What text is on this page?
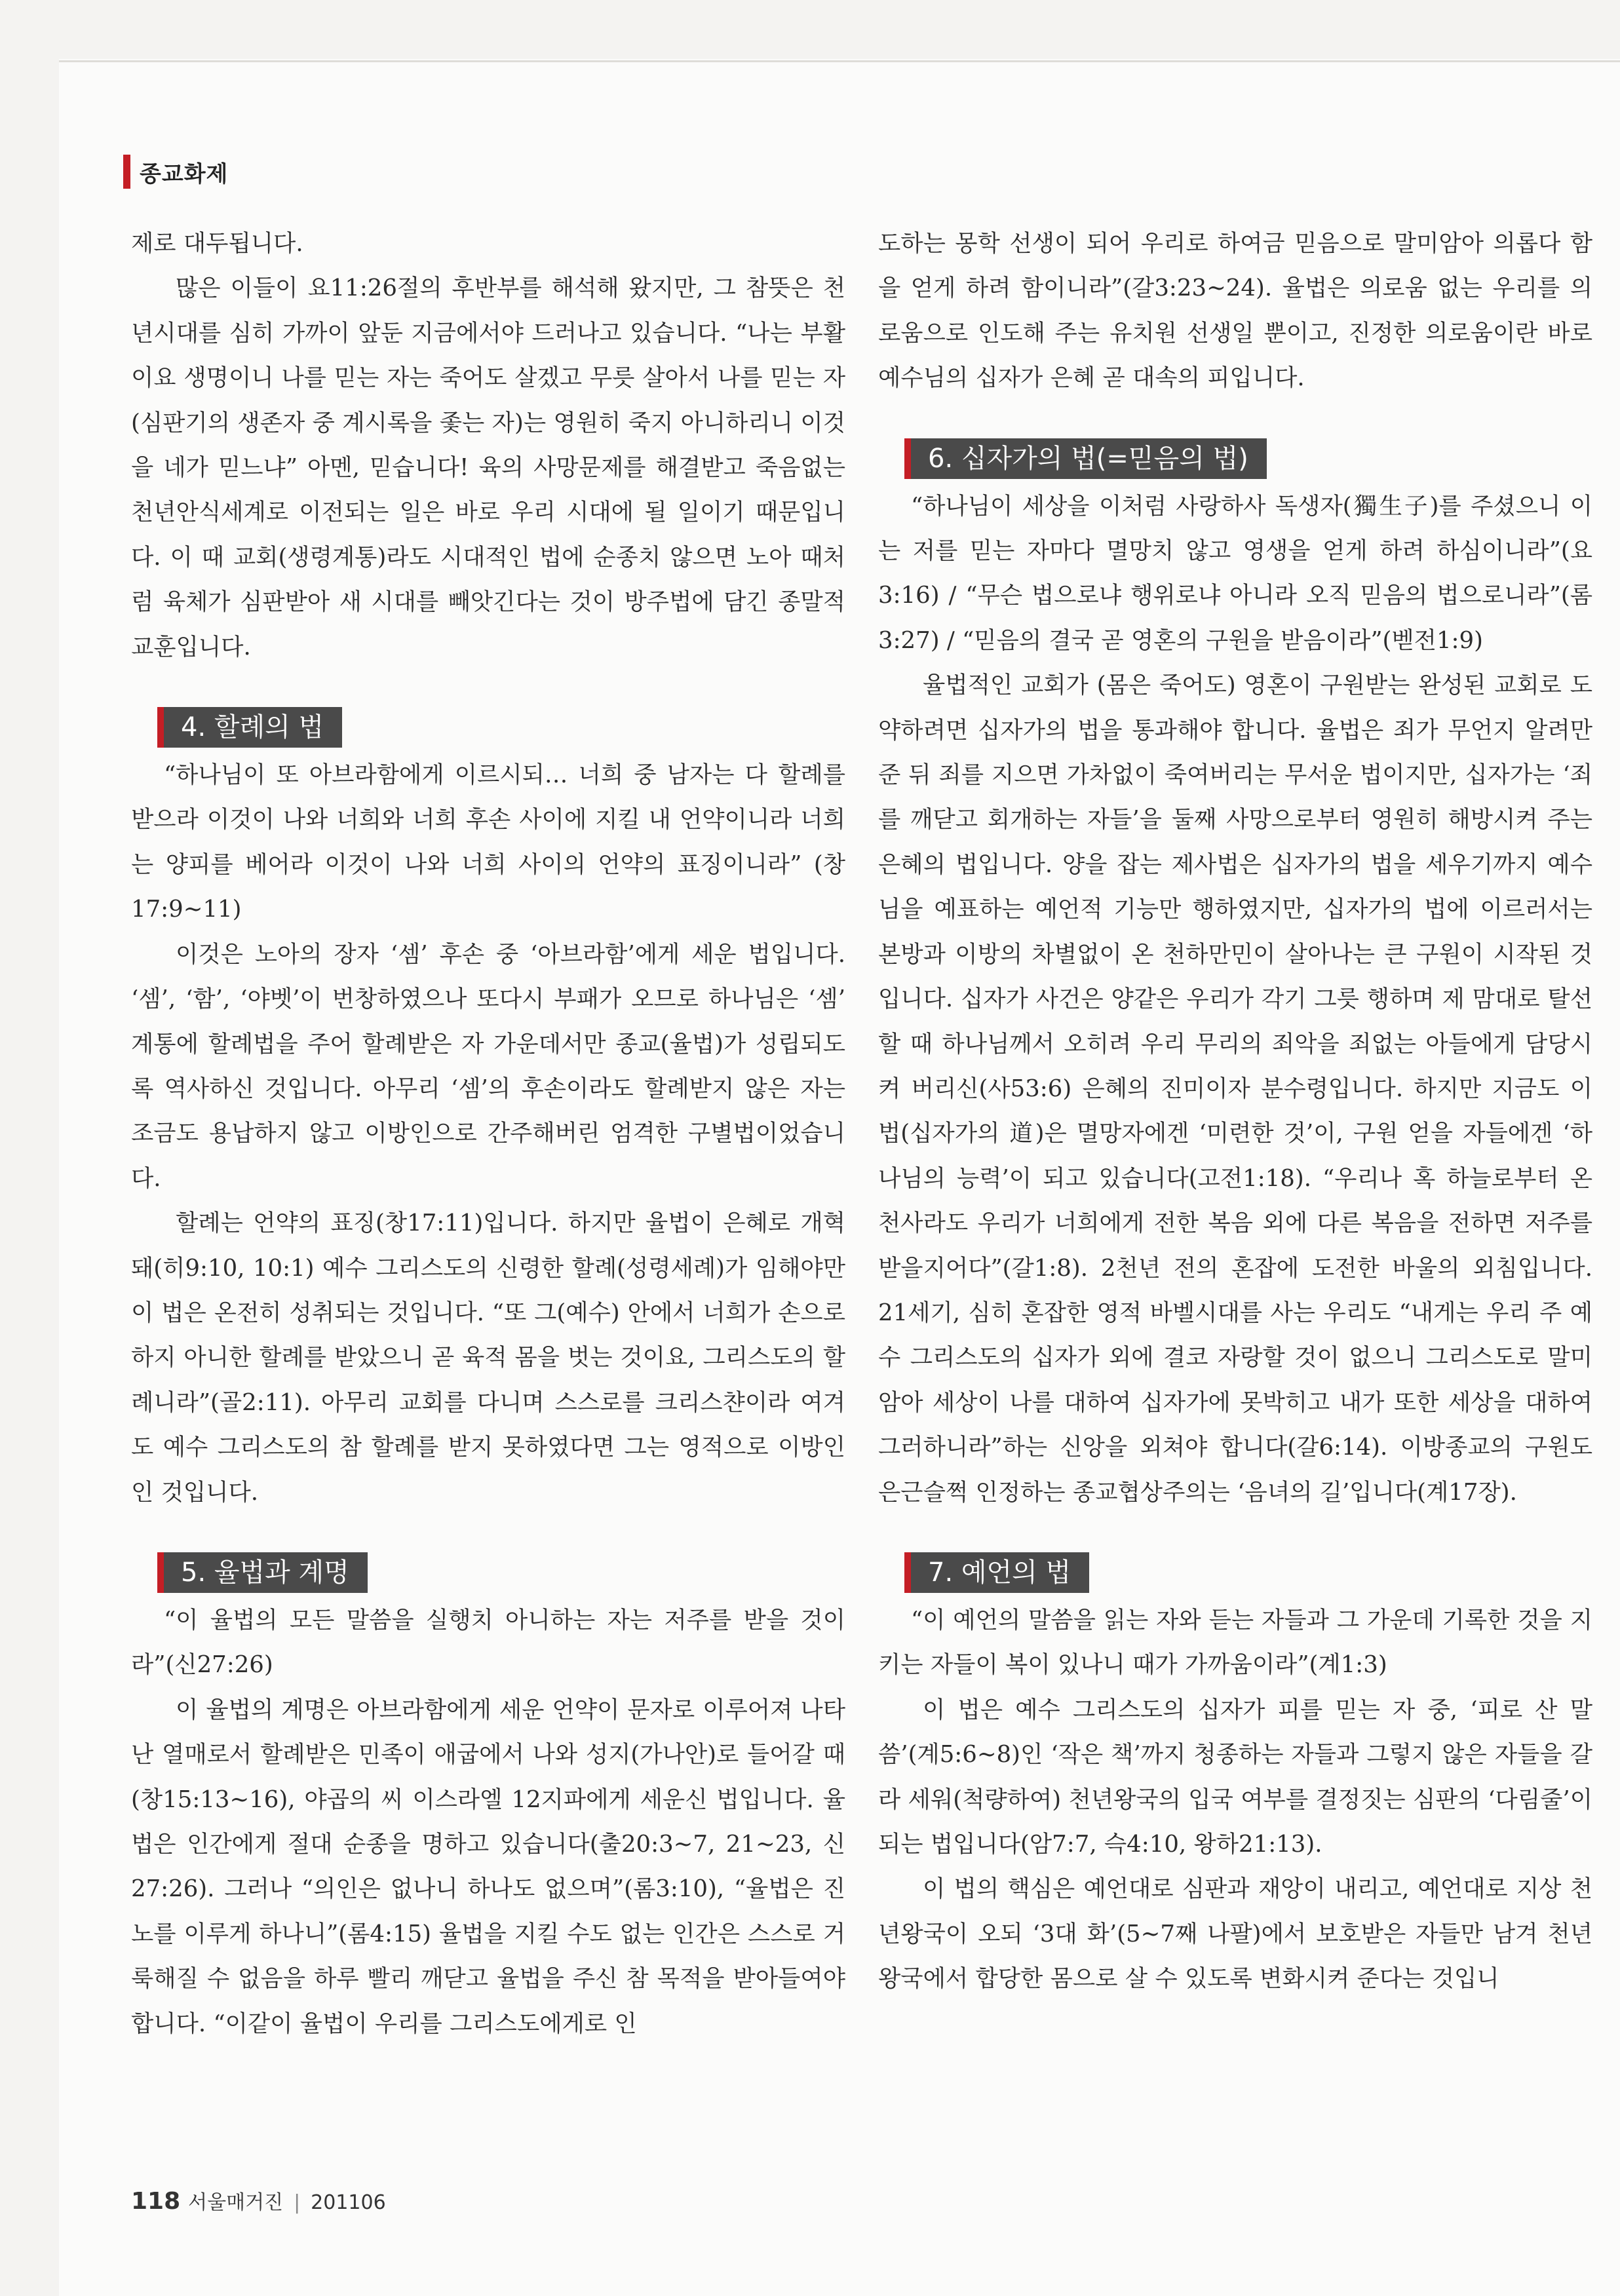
종교화제

제로 대두됩니다.

많은 이들이 요11:26절의 후반부를 해석해 왔지만, 그 참뜻은 천년시대를 심히 가까이 앞둔 지금에서야 드러나고 있습니다. “나는 부활이요 생명이니 나를 믿는 자는 죽어도 살겠고 무릇 살아서 나를 믿는 자(심판기의 생존자 중 계시록을 좇는 자)는 영원히 죽지 아니하리니 이것을 네가 믿느냐” 아멘, 믿습니다! 육의 사망문제를 해결받고 죽음없는 천년안식세계로 이전되는 일은 바로 우리 시대에 될 일이기 때문입니다. 이 때 교회(생령계통)라도 시대적인 법에 순종치 않으면 노아 때처럼 육체가 심판받아 새 시대를 빼앗긴다는 것이 방주법에 담긴 종말적 교훈입니다.

4. 할례의 법

“하나님이 또 아브라함에게 이르시되… 너희 중 남자는 다 할례를 받으라 이것이 나와 너희와 너희 후손 사이에 지킬 내 언약이니라 너희는 양피를 베어라 이것이 나와 너희 사이의 언약의 표징이니라” (창17:9~11)

이것은 노아의 장자 ‘셈’ 후손 중 ‘아브라함’에게 세운 법입니다. ‘셈’, ‘함’, ‘야벳’이 번창하였으나 또다시 부패가 오므로 하나님은 ‘셈’ 계통에 할례법을 주어 할례받은 자 가운데서만 종교(율법)가 성립되도록 역사하신 것입니다. 아무리 ‘셈’의 후손이라도 할례받지 않은 자는 조금도 용납하지 않고 이방인으로 간주해버린 엄격한 구별법이었습니다.

할례는 언약의 표징(창17:11)입니다. 하지만 율법이 은혜로 개혁돼(히9:10, 10:1) 예수 그리스도의 신령한 할례(성령세례)가 임해야만 이 법은 온전히 성취되는 것입니다. “또 그(예수) 안에서 너희가 손으로 하지 아니한 할례를 받았으니 곧 육적 몸을 벗는 것이요, 그리스도의 할례니라”(골2:11). 아무리 교회를 다니며 스스로를 크리스챤이라 여겨도 예수 그리스도의 참 할례를 받지 못하였다면 그는 영적으로 이방인인 것입니다.

5. 율법과 계명

“이 율법의 모든 말씀을 실행치 아니하는 자는 저주를 받을 것이라”(신27:26)

이 율법의 계명은 아브라함에게 세운 언약이 문자로 이루어져 나타난 열매로서 할례받은 민족이 애굽에서 나와 성지(가나안)로 들어갈 때(창15:13~16), 야곱의 씨 이스라엘 12지파에게 세운신 법입니다. 율법은 인간에게 절대 순종을 명하고 있습니다(출20:3~7, 21~23, 신27:26). 그러나 “의인은 없나니 하나도 없으며”(롬3:10), “율법은 진노를 이루게 하나니”(롬4:15) 율법을 지킬 수도 없는 인간은 스스로 거룩해질 수 없음을 하루 빨리 깨닫고 율법을 주신 참 목적을 받아들여야 합니다. “이같이 율법이 우리를 그리스도에게로 인

도하는 몽학 선생이 되어 우리로 하여금 믿음으로 말미암아 의롭다 함을 얻게 하려 함이니라”(갈3:23~24). 율법은 의로움 없는 우리를 의로움으로 인도해 주는 유치원 선생일 뿐이고, 진정한 의로움이란 바로 예수님의 십자가 은혜 곧 대속의 피입니다.

6. 십자가의 법(=믿음의 법)

“하나님이 세상을 이처럼 사랑하사 독생자(獨生子)를 주셨으니 이는 저를 믿는 자마다 멸망치 않고 영생을 얻게 하려 하심이니라”(요3:16) / “무슨 법으로냐 행위로냐 아니라 오직 믿음의 법으로니라”(롬3:27) / “믿음의 결국 곧 영혼의 구원을 받음이라”(벧전1:9)

율법적인 교회가 (몸은 죽어도) 영혼이 구원받는 완성된 교회로 도약하려면 십자가의 법을 통과해야 합니다. 율법은 죄가 무언지 알려만 준 뒤 죄를 지으면 가차없이 죽여버리는 무서운 법이지만, 십자가는 ‘죄를 깨닫고 회개하는 자들’을 둘째 사망으로부터 영원히 해방시켜 주는 은혜의 법입니다. 양을 잡는 제사법은 십자가의 법을 세우기까지 예수님을 예표하는 예언적 기능만 행하였지만, 십자가의 법에 이르러서는 본방과 이방의 차별없이 온 천하만민이 살아나는 큰 구원이 시작된 것입니다. 십자가 사건은 양같은 우리가 각기 그릇 행하며 제 맘대로 탈선할 때 하나님께서 오히려 우리 무리의 죄악을 죄없는 아들에게 담당시켜 버리신(사53:6) 은혜의 진미이자 분수령입니다. 하지만 지금도 이 법(십자가의 道)은 멸망자에겐 ‘미련한 것’이, 구원 얻을 자들에겐 ‘하나님의 능력’이 되고 있습니다(고전1:18). “우리나 혹 하늘로부터 온 천사라도 우리가 너희에게 전한 복음 외에 다른 복음을 전하면 저주를 받을지어다”(갈1:8). 2천년 전의 혼잡에 도전한 바울의 외침입니다. 21세기, 심히 혼잡한 영적 바벨시대를 사는 우리도 “내게는 우리 주 예수 그리스도의 십자가 외에 결코 자랑할 것이 없으니 그리스도로 말미암아 세상이 나를 대하여 십자가에 못박히고 내가 또한 세상을 대하여 그러하니라”하는 신앙을 외쳐야 합니다(갈6:14). 이방종교의 구원도 은근슬쩍 인정하는 종교협상주의는 ‘음녀의 길’입니다(계17장).

7. 예언의 법

“이 예언의 말씀을 읽는 자와 듣는 자들과 그 가운데 기록한 것을 지키는 자들이 복이 있나니 때가 가까움이라”(계1:3)

이 법은 예수 그리스도의 십자가 피를 믿는 자 중, ‘피로 산 말씀’(계5:6~8)인 ‘작은 책’까지 청종하는 자들과 그렇지 않은 자들을 갈라 세워(척량하여) 천년왕국의 입국 여부를 결정짓는 심판의 ‘다림줄’이 되는 법입니다(암7:7, 슥4:10, 왕하21:13).

이 법의 핵심은 예언대로 심판과 재앙이 내리고, 예언대로 지상 천년왕국이 오되 ‘3대 화’(5~7째 나팔)에서 보호받은 자들만 남겨 천년왕국에서 합당한 몸으로 살 수 있도록 변화시켜 준다는 것입니

118 서울매거진 | 201106
